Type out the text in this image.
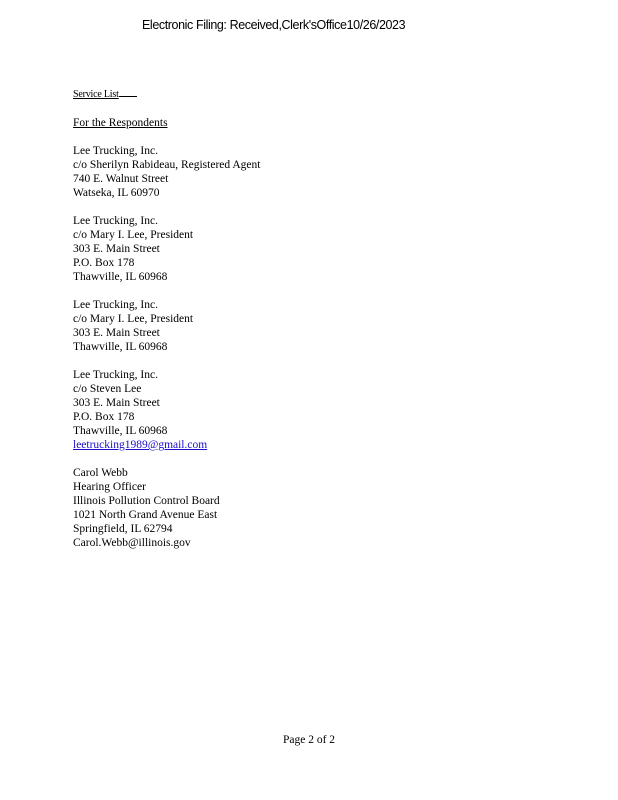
Electronic Filing: Received,Clerk'sOffice10/26/2023
Service List
For the Respondents
Lee Trucking, Inc.
c/o Sherilyn Rabideau, Registered Agent
740 E. Walnut Street
Watseka, IL 60970
Lee Trucking, Inc.
c/o Mary I. Lee, President
303 E. Main Street
P.O. Box 178
Thawville, IL 60968
Lee Trucking, Inc.
c/o Mary I. Lee, President
303 E. Main Street
Thawville, IL 60968
Lee Trucking, Inc.
c/o Steven Lee
303 E. Main Street
P.O. Box 178
Thawville, IL 60968
leetrucking1989@gmail.com
Carol Webb
Hearing Officer
Illinois Pollution Control Board
1021 North Grand Avenue East
Springfield, IL 62794
Carol.Webb@illinois.gov
Page 2 of 2
